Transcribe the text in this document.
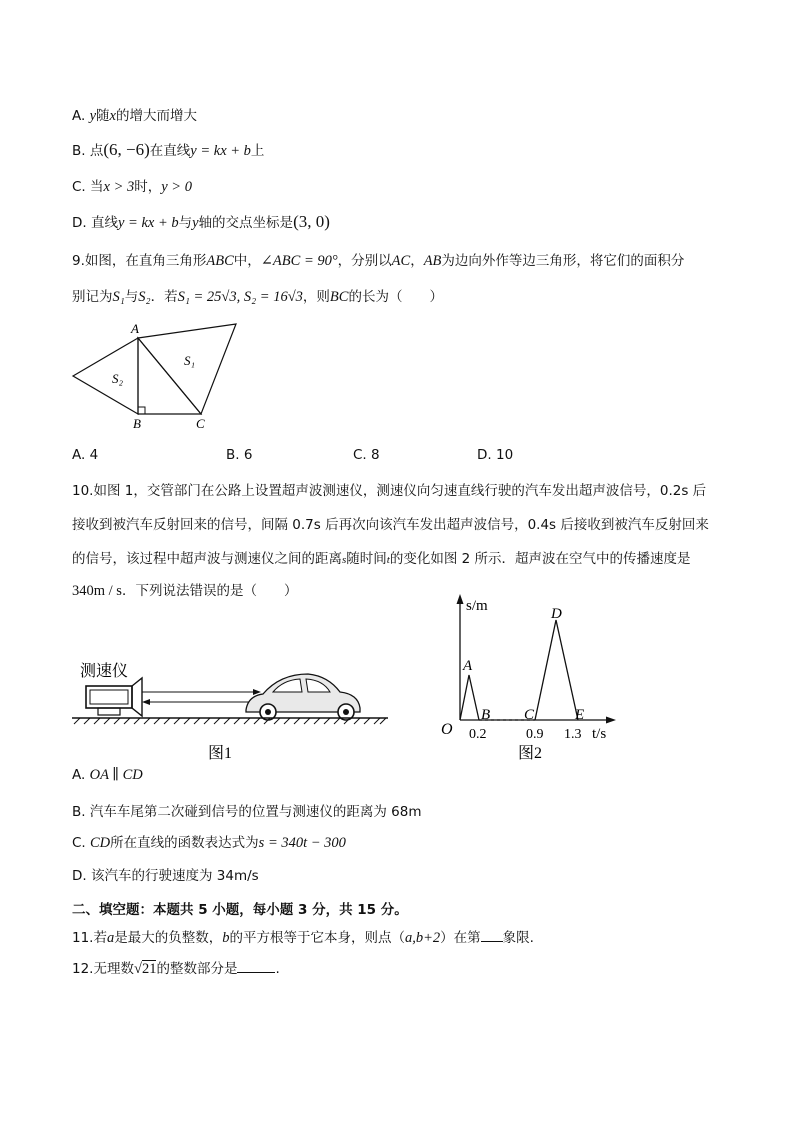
A. y随x的增大而增大
B. 点(6, −6)在直线y = kx + b上
C. 当x > 3时，y > 0
D. 直线y = kx + b与y轴的交点坐标是(3, 0)
9.如图，在直角三角形ABC中，∠ABC = 90°，分别以AC，AB为边向外作等边三角形，将它们的面积分
别记为S₁与S₂．若S₁ = 25√3, S₂ = 16√3，则BC的长为（　　）
A
B	C
S₁
S₂
A. 4	B. 6	C. 8	D. 10
10.如图 1，交管部门在公路上设置超声波测速仪，测速仪向匀速直线行驶的汽车发出超声波信号，0.2s 后
接收到被汽车反射回来的信号，间隔 0.7s 后再次向该汽车发出超声波信号，0.4s 后接收到被汽车反射回来
的信号，该过程中超声波与测速仪之间的距离s随时间t的变化如图 2 所示．超声波在空气中的传播速度是
340m / s．下列说法错误的是（　　）
测速仪
图1
s/m
t/s
O
A
B C
D
E
0.2	0.9 1.3
图2
A. OA ∥ CD
B. 汽车车尾第二次碰到信号的位置与测速仪的距离为 68m
C. CD所在直线的函数表达式为s = 340t − 300
D. 该汽车的行驶速度为 34m/s
二、填空题：本题共 5 小题，每小题 3 分，共 15 分。
11.若a是最大的负整数，b的平方根等于它本身，则点（a,b+2）在第 象限.
12.无理数√21的整数部分是	.
